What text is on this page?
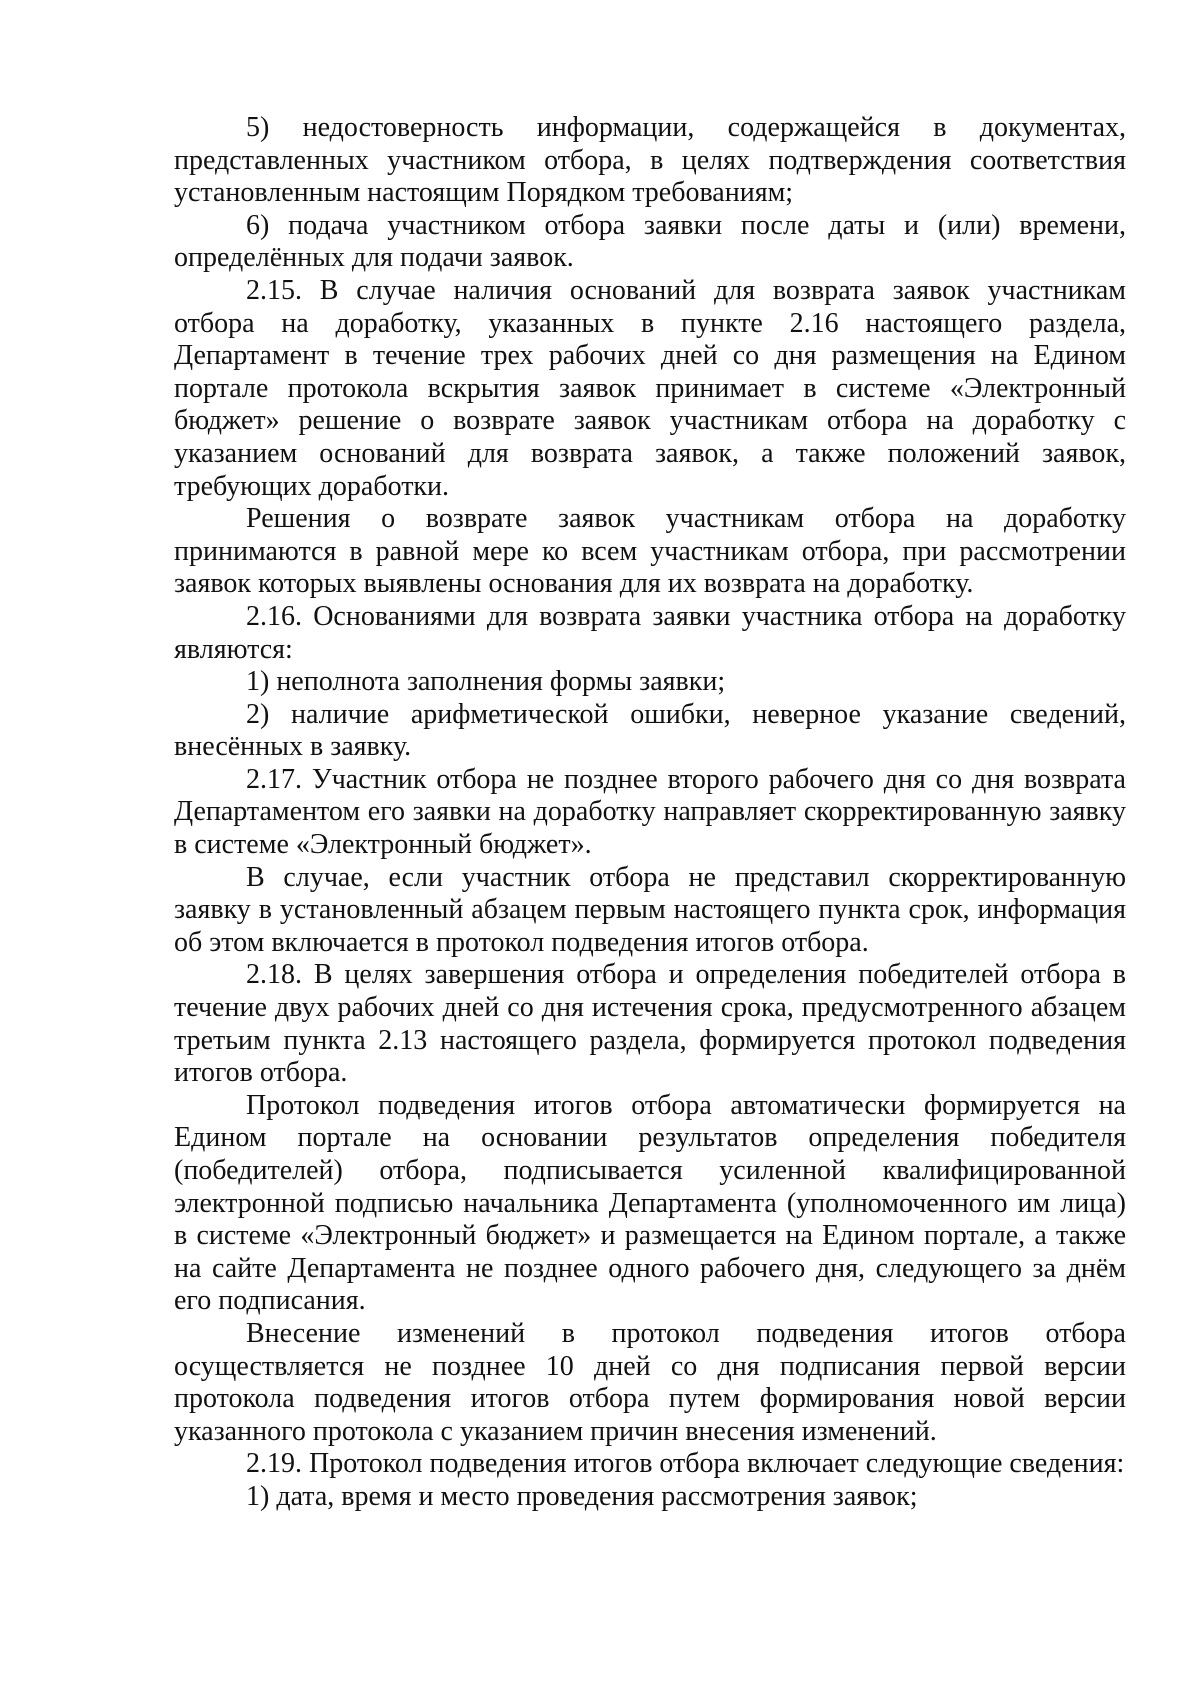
5) недостоверность информации, содержащейся в документах, представленных участником отбора, в целях подтверждения соответствия установленным настоящим Порядком требованиям;

6) подача участником отбора заявки после даты и (или) времени, определённых для подачи заявок.

2.15. В случае наличия оснований для возврата заявок участникам отбора на доработку, указанных в пункте 2.16 настоящего раздела, Департамент в течение трех рабочих дней со дня размещения на Едином портале протокола вскрытия заявок принимает в системе «Электронный бюджет» решение о возврате заявок участникам отбора на доработку с указанием оснований для возврата заявок, а также положений заявок, требующих доработки.

Решения о возврате заявок участникам отбора на доработку принимаются в равной мере ко всем участникам отбора, при рассмотрении заявок которых выявлены основания для их возврата на доработку.

2.16. Основаниями для возврата заявки участника отбора на доработку являются:

1) неполнота заполнения формы заявки;

2) наличие арифметической ошибки, неверное указание сведений, внесённых в заявку.

2.17. Участник отбора не позднее второго рабочего дня со дня возврата Департаментом его заявки на доработку направляет скорректированную заявку в системе «Электронный бюджет».

В случае, если участник отбора не представил скорректированную заявку в установленный абзацем первым настоящего пункта срок, информация об этом включается в протокол подведения итогов отбора.

2.18. В целях завершения отбора и определения победителей отбора в течение двух рабочих дней со дня истечения срока, предусмотренного абзацем третьим пункта 2.13 настоящего раздела, формируется протокол подведения итогов отбора.

Протокол подведения итогов отбора автоматически формируется на Едином портале на основании результатов определения победителя (победителей) отбора, подписывается усиленной квалифицированной электронной подписью начальника Департамента (уполномоченного им лица) в системе «Электронный бюджет» и размещается на Едином портале, а также на сайте Департамента не позднее одного рабочего дня, следующего за днём его подписания.

Внесение изменений в протокол подведения итогов отбора осуществляется не позднее 10 дней со дня подписания первой версии протокола подведения итогов отбора путем формирования новой версии указанного протокола с указанием причин внесения изменений.

2.19. Протокол подведения итогов отбора включает следующие сведения:

1) дата, время и место проведения рассмотрения заявок;
